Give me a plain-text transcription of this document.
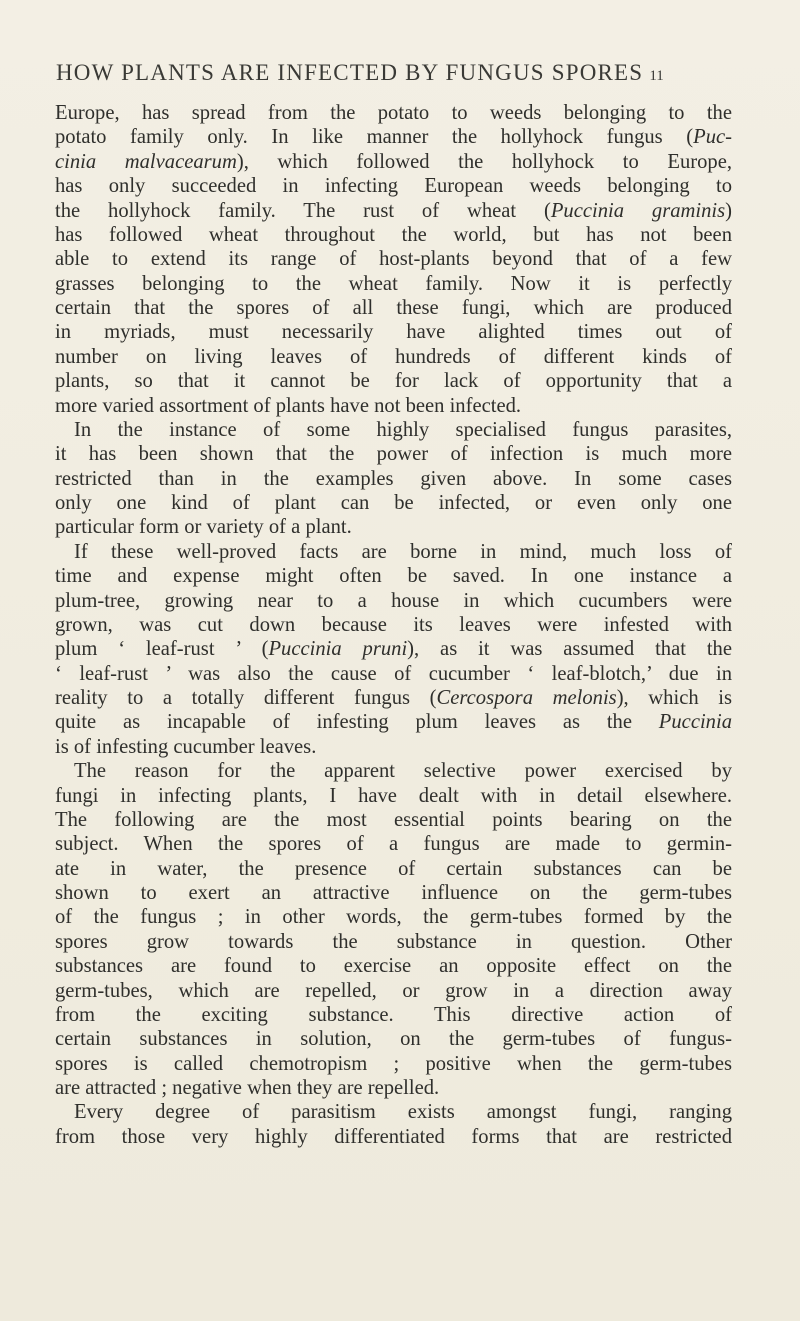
HOW PLANTS ARE INFECTED BY FUNGUS SPORES 11
Europe, has spread from the potato to weeds belonging to the
potato family only. In like manner the hollyhock fungus (Puc-
cinia malvacearum), which followed the hollyhock to Europe,
has only succeeded in infecting European weeds belonging to
the hollyhock family. The rust of wheat (Puccinia graminis)
has followed wheat throughout the world, but has not been
able to extend its range of host-plants beyond that of a few
grasses belonging to the wheat family. Now it is perfectly
certain that the spores of all these fungi, which are produced
in myriads, must necessarily have alighted times out of
number on living leaves of hundreds of different kinds of
plants, so that it cannot be for lack of opportunity that a
more varied assortment of plants have not been infected.
In the instance of some highly specialised fungus parasites,
it has been shown that the power of infection is much more
restricted than in the examples given above. In some cases
only one kind of plant can be infected, or even only one
particular form or variety of a plant.
If these well-proved facts are borne in mind, much loss of
time and expense might often be saved. In one instance a
plum-tree, growing near to a house in which cucumbers were
grown, was cut down because its leaves were infested with
plum ‘ leaf-rust ’ (Puccinia pruni), as it was assumed that the
‘ leaf-rust ’ was also the cause of cucumber ‘ leaf-blotch,’ due in
reality to a totally different fungus (Cercospora melonis), which is
quite as incapable of infesting plum leaves as the Puccinia
is of infesting cucumber leaves.
The reason for the apparent selective power exercised by
fungi in infecting plants, I have dealt with in detail elsewhere.
The following are the most essential points bearing on the
subject. When the spores of a fungus are made to germin-
ate in water, the presence of certain substances can be
shown to exert an attractive influence on the germ-tubes
of the fungus ; in other words, the germ-tubes formed by the
spores grow towards the substance in question. Other
substances are found to exercise an opposite effect on the
germ-tubes, which are repelled, or grow in a direction away
from the exciting substance. This directive action of
certain substances in solution, on the germ-tubes of fungus-
spores is called chemotropism ; positive when the germ-tubes
are attracted ; negative when they are repelled.
Every degree of parasitism exists amongst fungi, ranging
from those very highly differentiated forms that are restricted
